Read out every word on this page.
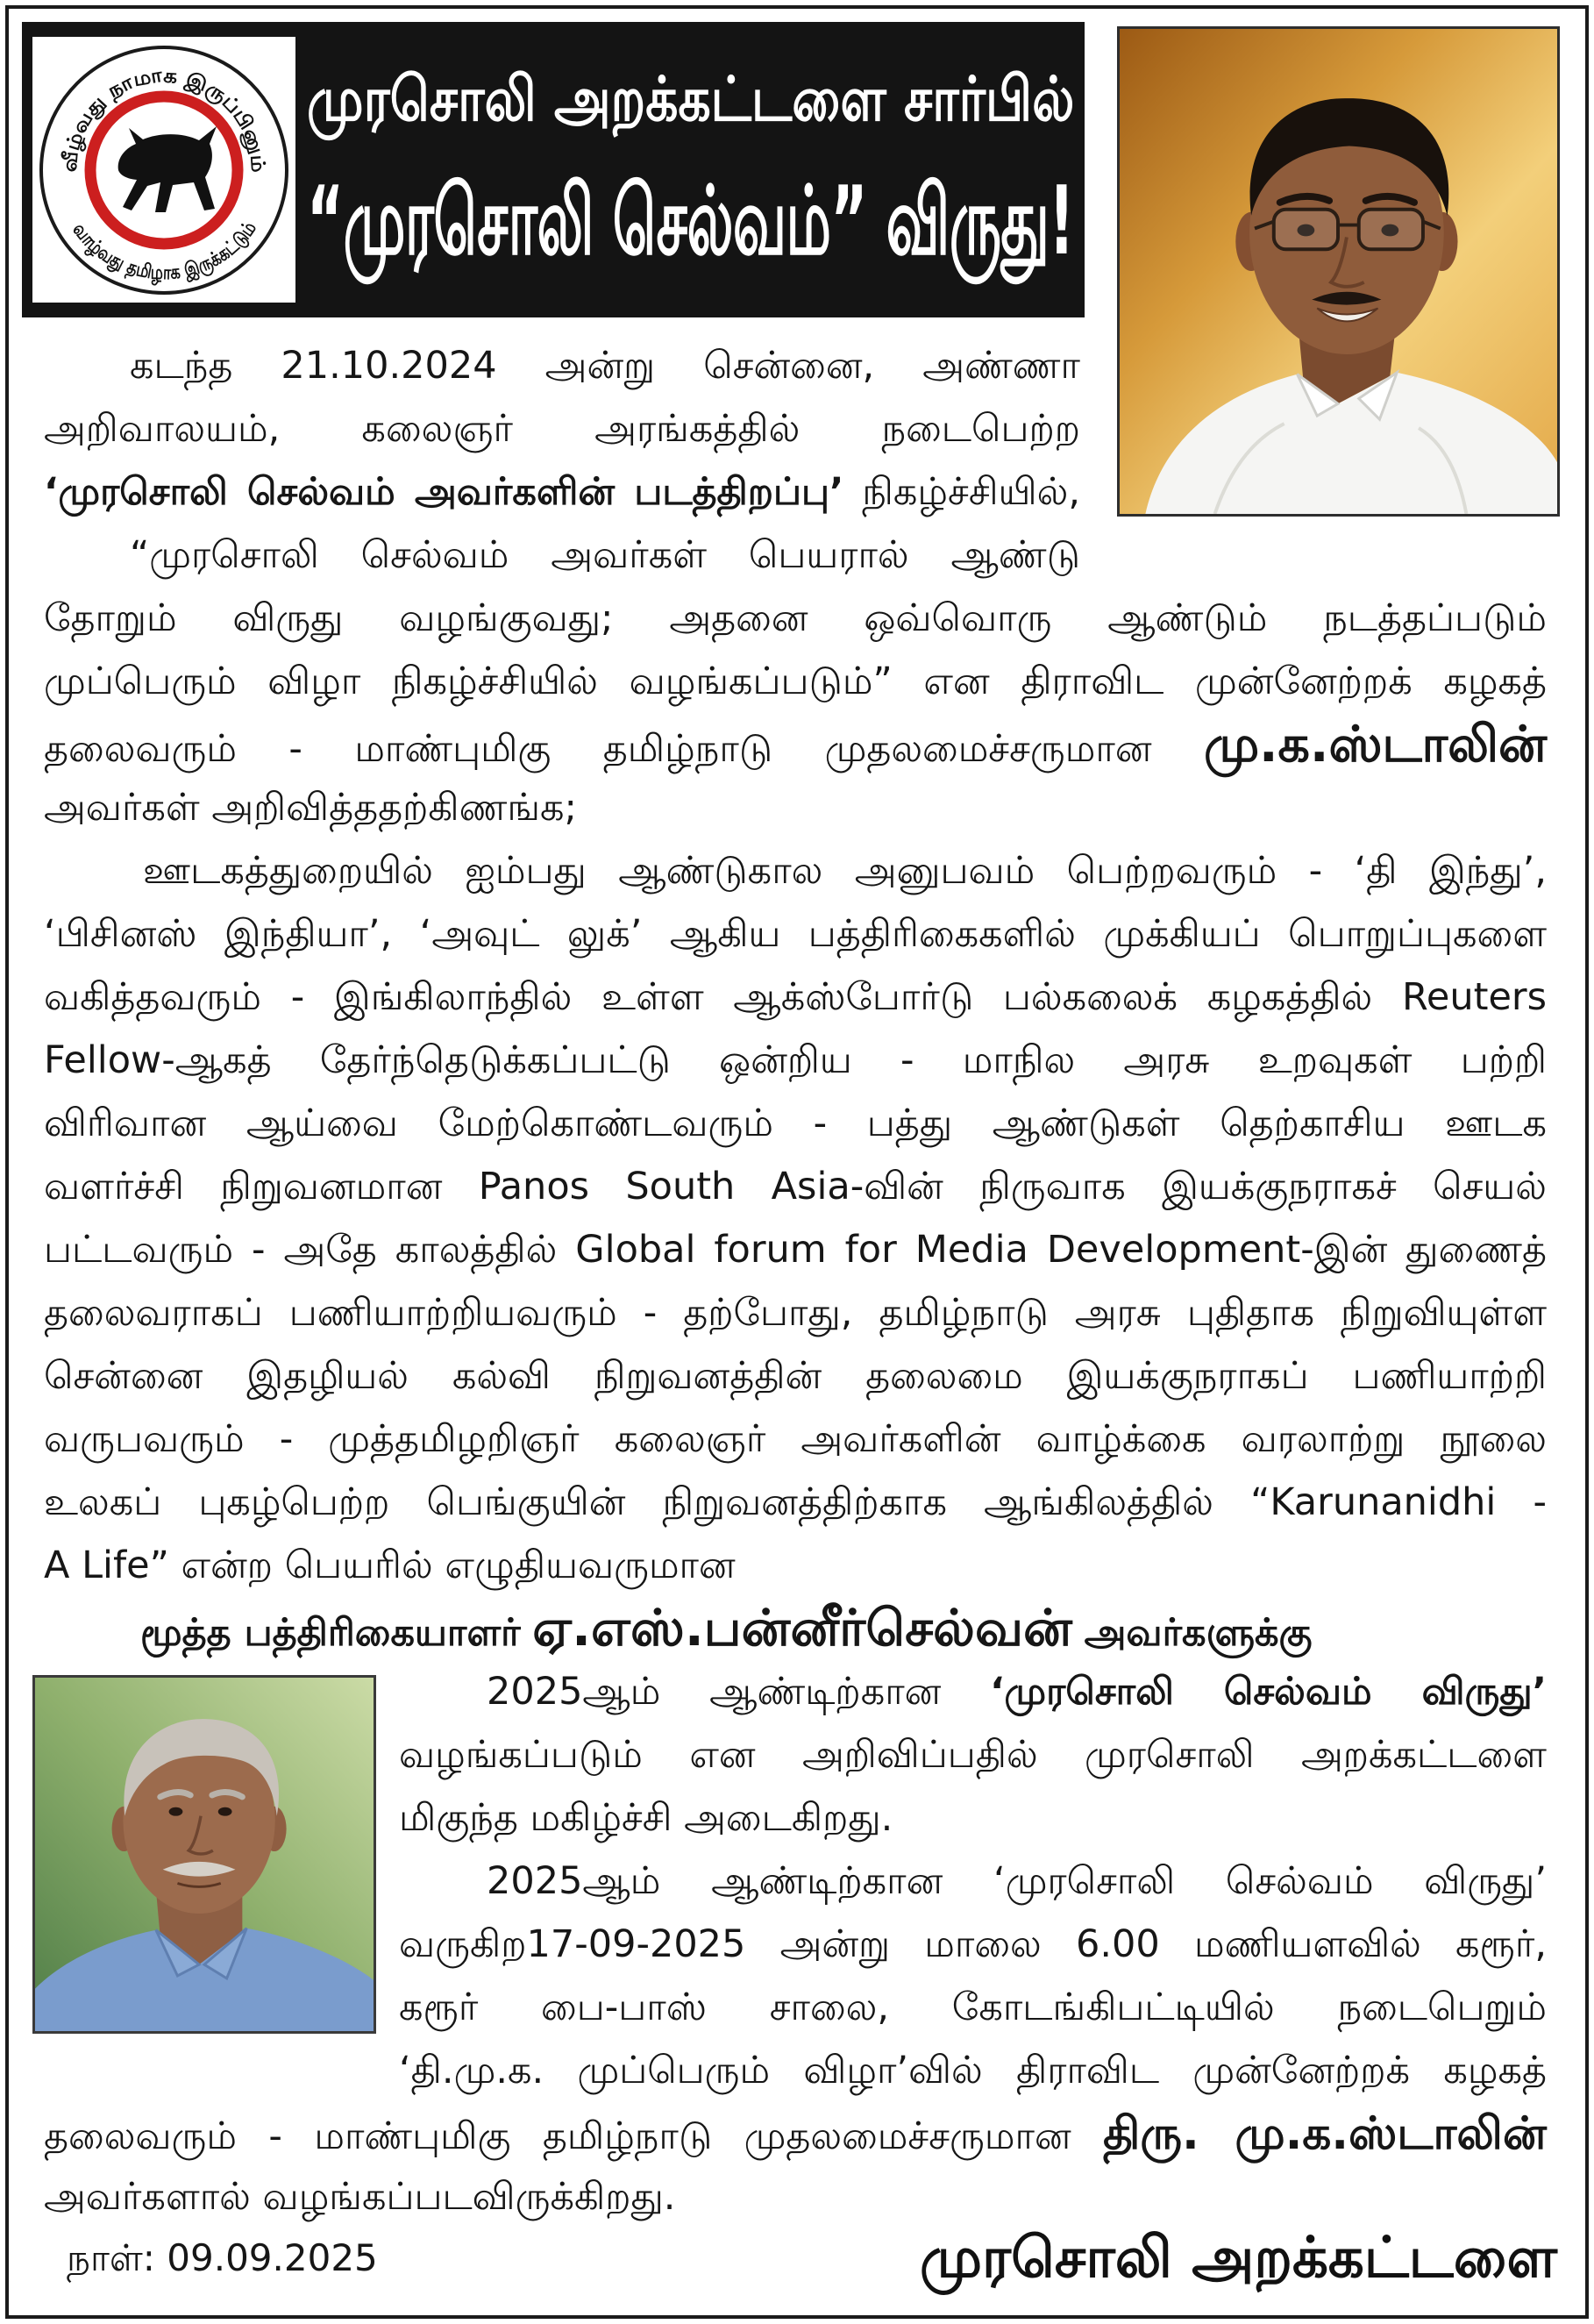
வீழ்வது நாமாக இருப்பினும்
வாழ்வது தமிழாக இருக்கட்டும்
முரசொலி அறக்கட்டளை சார்பில்
“முரசொலி செல்வம்” விருது!
கடந்த 21.10.2024 அன்று சென்னை, அண்ணா
அறிவாலயம், கலைஞர் அரங்கத்தில் நடைபெற்ற
‘முரசொலி செல்வம் அவர்களின் படத்திறப்பு’ நிகழ்ச்சியில்,
“முரசொலி செல்வம் அவர்கள் பெயரால் ஆண்டு
தோறும் விருது வழங்குவது; அதனை ஒவ்வொரு ஆண்டும் நடத்தப்படும்
முப்பெரும் விழா நிகழ்ச்சியில் வழங்கப்படும்” என திராவிட முன்னேற்றக் கழகத்
தலைவரும் - மாண்புமிகு தமிழ்நாடு முதலமைச்சருமான மு.க.ஸ்டாலின்
அவர்கள் அறிவித்ததற்கிணங்க;
ஊடகத்துறையில் ஐம்பது ஆண்டுகால அனுபவம் பெற்றவரும் - ‘தி இந்து’,
‘பிசினஸ் இந்தியா’, ‘அவுட் லுக்’ ஆகிய பத்திரிகைகளில் முக்கியப் பொறுப்புகளை
வகித்தவரும் - இங்கிலாந்தில் உள்ள ஆக்ஸ்போர்டு பல்கலைக் கழகத்தில் Reuters
Fellow-ஆகத் தேர்ந்தெடுக்கப்பட்டு ஒன்றிய - மாநில அரசு உறவுகள் பற்றி
விரிவான ஆய்வை மேற்கொண்டவரும் - பத்து ஆண்டுகள் தெற்காசிய ஊடக
வளர்ச்சி நிறுவனமான Panos South Asia-வின் நிருவாக இயக்குநராகச் செயல்
பட்டவரும் - அதே காலத்தில் Global forum for Media Development-இன் துணைத்
தலைவராகப் பணியாற்றியவரும் - தற்போது, தமிழ்நாடு அரசு புதிதாக நிறுவியுள்ள
சென்னை இதழியல் கல்வி நிறுவனத்தின் தலைமை இயக்குநராகப் பணியாற்றி
வருபவரும் - முத்தமிழறிஞர் கலைஞர் அவர்களின் வாழ்க்கை வரலாற்று நூலை
உலகப் புகழ்பெற்ற பெங்குயின் நிறுவனத்திற்காக ஆங்கிலத்தில் “Karunanidhi -
A Life” என்ற பெயரில் எழுதியவருமான
மூத்த பத்திரிகையாளர் ஏ.எஸ்.பன்னீர்செல்வன் அவர்களுக்கு
2025ஆம் ஆண்டிற்கான ‘முரசொலி செல்வம் விருது’
வழங்கப்படும் என அறிவிப்பதில் முரசொலி அறக்கட்டளை
மிகுந்த மகிழ்ச்சி அடைகிறது.
2025ஆம் ஆண்டிற்கான ‘முரசொலி செல்வம் விருது’
வருகிற17-09-2025 அன்று மாலை 6.00 மணியளவில் கரூர்,
கரூர் பை-பாஸ் சாலை, கோடங்கிபட்டியில் நடைபெறும்
‘தி.மு.க. முப்பெரும் விழா’வில் திராவிட முன்னேற்றக் கழகத்
தலைவரும் - மாண்புமிகு தமிழ்நாடு முதலமைச்சருமான திரு. மு.க.ஸ்டாலின்
அவர்களால் வழங்கப்படவிருக்கிறது.
நாள்: 09.09.2025	முரசொலி அறக்கட்டளை
